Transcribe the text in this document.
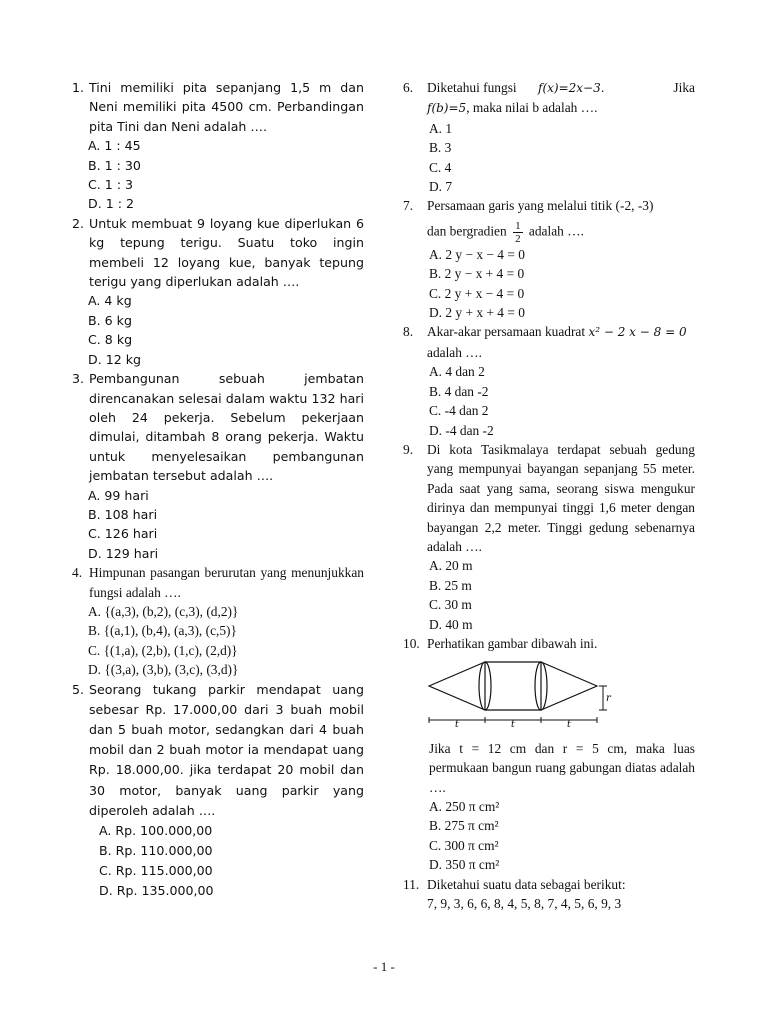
1. Tini memiliki pita sepanjang 1,5 m dan Neni memiliki pita 4500 cm. Perbandingan pita Tini dan Neni adalah ….
A. 1 : 45
B. 1 : 30
C. 1 : 3
D. 1 : 2
2. Untuk membuat 9 loyang kue diperlukan 6 kg tepung terigu. Suatu toko ingin membeli 12 loyang kue, banyak tepung terigu yang diperlukan adalah ….
A. 4 kg
B. 6 kg
C. 8 kg
D. 12 kg
3. Pembangunan sebuah jembatan direncanakan selesai dalam waktu 132 hari oleh 24 pekerja. Sebelum pekerjaan dimulai, ditambah 8 orang pekerja. Waktu untuk menyelesaikan pembangunan jembatan tersebut adalah ….
A. 99 hari
B. 108 hari
C. 126 hari
D. 129 hari
4. Himpunan pasangan berurutan yang menunjukkan fungsi adalah ….
A. {(a,3), (b,2), (c,3), (d,2)}
B. {(a,1), (b,4), (a,3), (c,5)}
C. {(1,a), (2,b), (1,c), (2,d)}
D. {(3,a), (3,b), (3,c), (3,d)}
5. Seorang tukang parkir mendapat uang sebesar Rp. 17.000,00 dari 3 buah mobil dan 5 buah motor, sedangkan dari 4 buah mobil dan 2 buah motor ia mendapat uang Rp. 18.000,00. jika terdapat 20 mobil dan 30 motor, banyak uang parkir yang diperoleh adalah ….
A. Rp. 100.000,00
B. Rp. 110.000,00
C. Rp. 115.000,00
D. Rp. 135.000,00
6.	Diketahui fungsi f(x)=2x−3.	Jika

f(b)=5, maka nilai b adalah ….
A. 1
B. 3
C. 4
D. 7
7.	Persamaan garis yang melalui titik (-2, -3)
dan bergradien $\frac{1}{2}$ adalah ….
A. 2 y − x − 4 = 0
B. 2 y − x + 4 = 0
C. 2 y + x − 4 = 0
D. 2 y + x + 4 = 0
8.	Akar-akar persamaan kuadrat x² − 2 x − 8 = 0
adalah ….
A. 4 dan 2
B. 4 dan -2
C. -4 dan 2
D. -4 dan -2
9.	Di kota Tasikmalaya terdapat sebuah gedung yang mempunyai bayangan sepanjang 55 meter. Pada saat yang sama, seorang siswa mengukur dirinya dan mempunyai tinggi 1,6 meter dengan bayangan 2,2 meter. Tinggi gedung sebenarnya adalah ….
A. 20 m
B. 25 m
C. 30 m
D. 40 m
10. Perhatikan gambar dibawah ini.
r
t	t	t
Jika t = 12 cm dan r = 5 cm, maka luas permukaan bangun ruang gabungan diatas adalah ….
A. 250 π cm²
B. 275 π cm²
C. 300 π cm²
D. 350 π cm²
11. Diketahui suatu data sebagai berikut:
7, 9, 3, 6, 6, 8, 4, 5, 8, 7, 4, 5, 6, 9, 3
- 1 -
